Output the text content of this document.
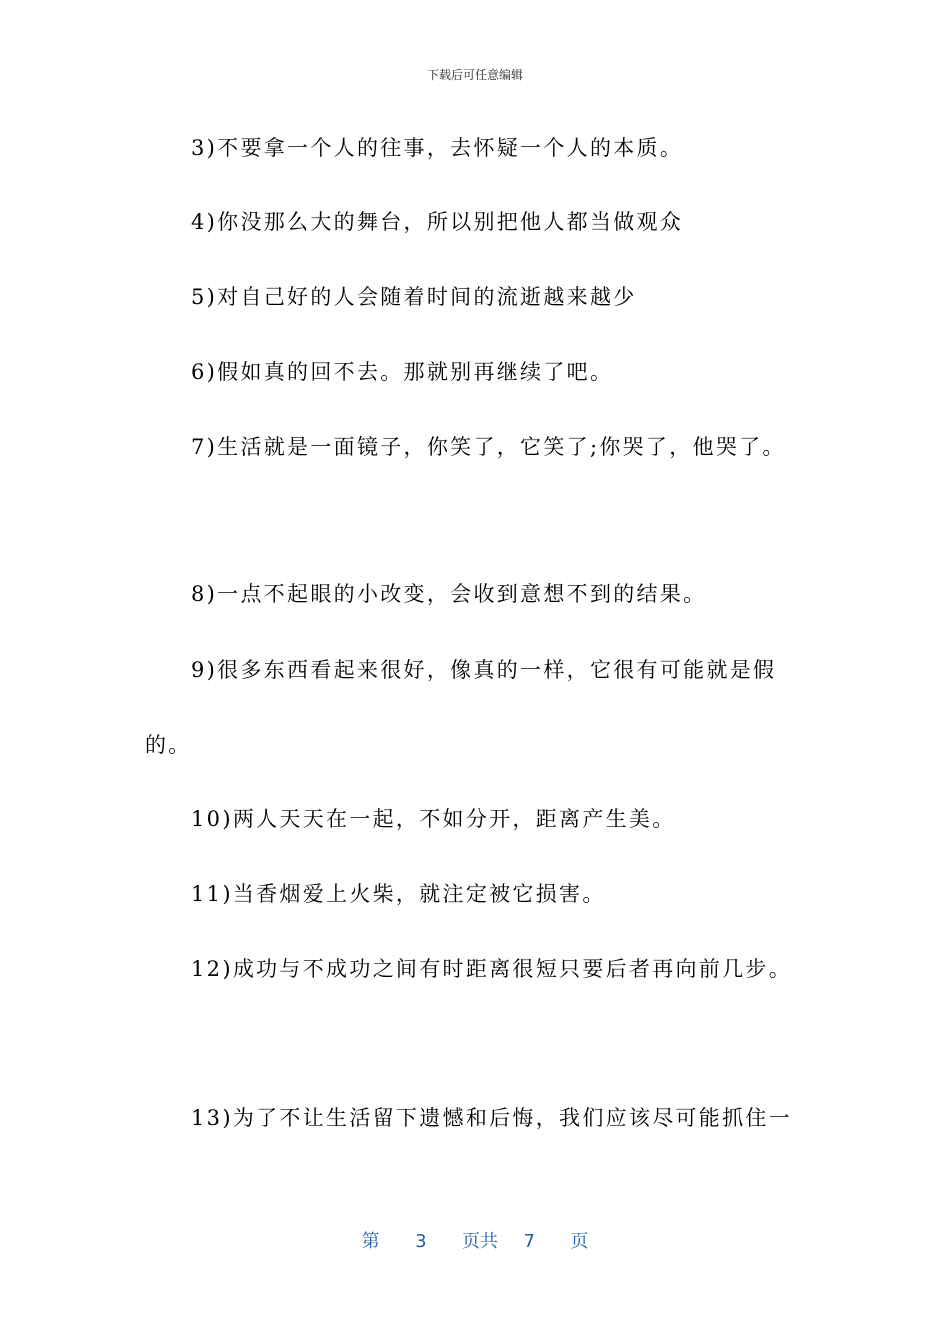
下载后可任意编辑
3)不要拿一个人的往事，去怀疑一个人的本质。
4)你没那么大的舞台，所以别把他人都当做观众
5)对自己好的人会随着时间的流逝越来越少
6)假如真的回不去。那就别再继续了吧。
7)生活就是一面镜子，你笑了，它笑了;你哭了，他哭了。
8)一点不起眼的小改变，会收到意想不到的结果。
9)很多东西看起来很好，像真的一样，它很有可能就是假
的。
10)两人天天在一起，不如分开，距离产生美。
11)当香烟爱上火柴，就注定被它损害。
12)成功与不成功之间有时距离很短只要后者再向前几步。
13)为了不让生活留下遗憾和后悔，我们应该尽可能抓住一
第 3 页共 7 页
